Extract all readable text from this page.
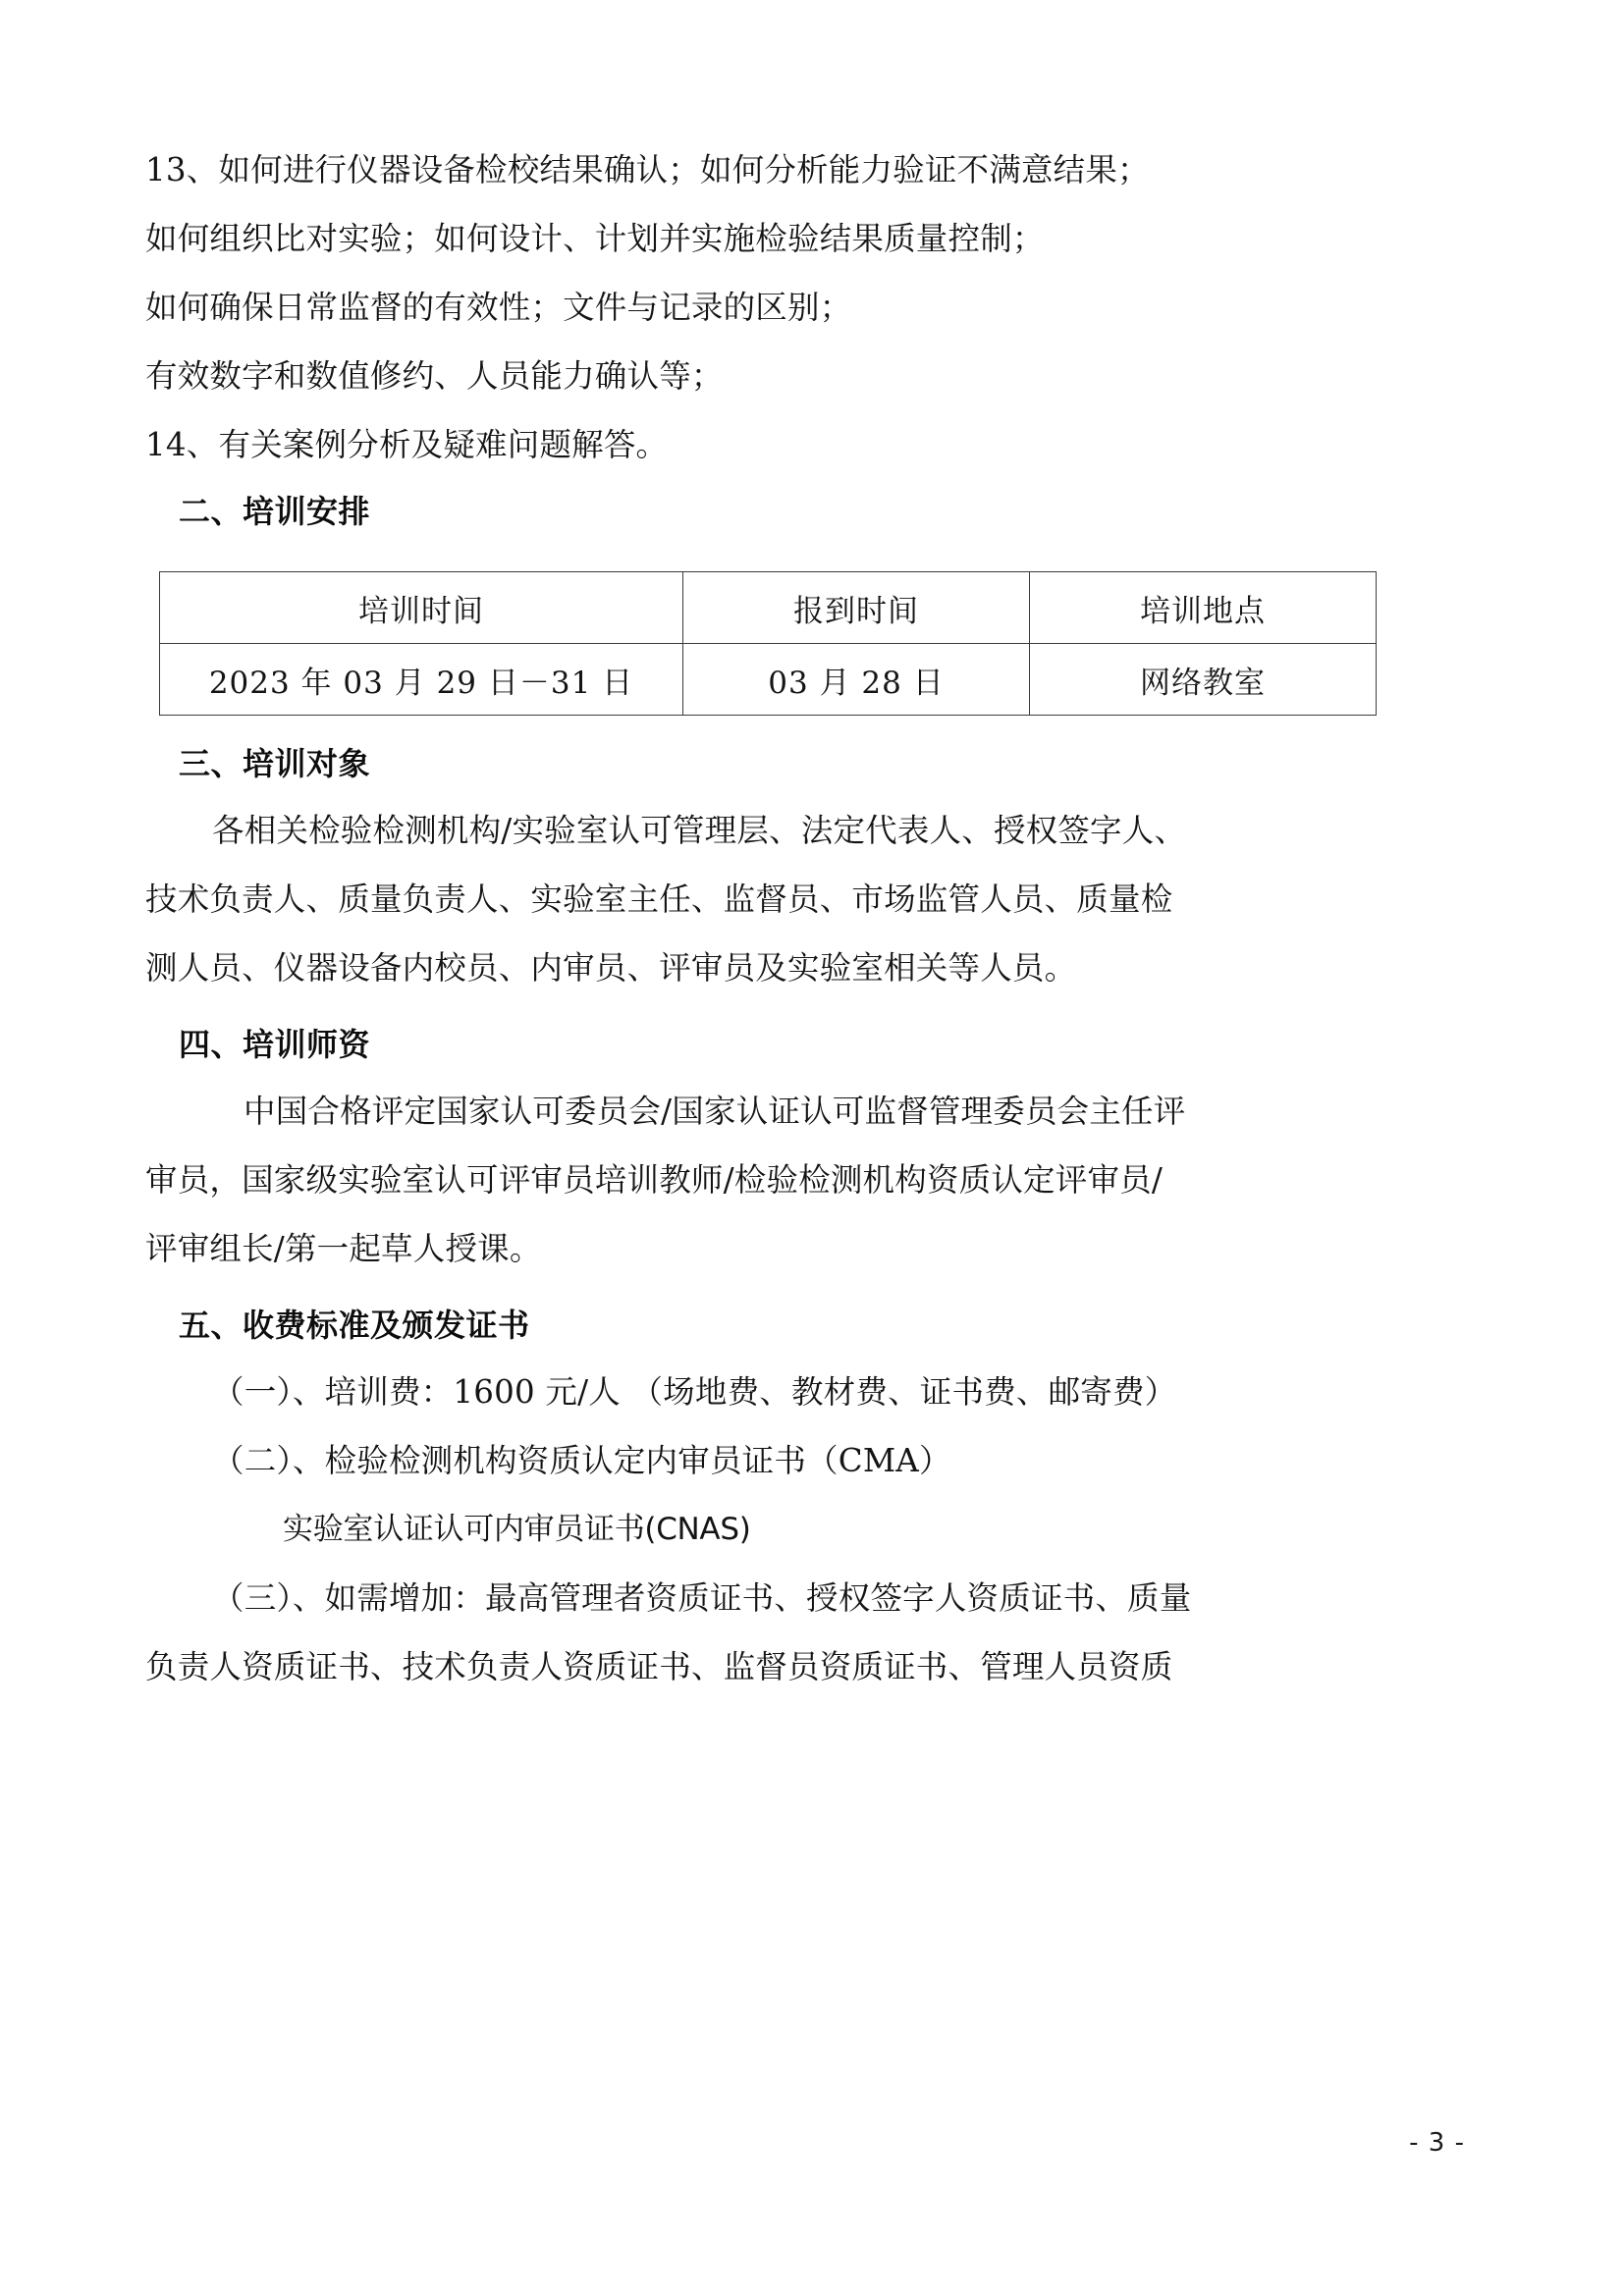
13、如何进行仪器设备检校结果确认；如何分析能力验证不满意结果；

如何组织比对实验；如何设计、计划并实施检验结果质量控制；

如何确保日常监督的有效性；文件与记录的区别；

有效数字和数值修约、人员能力确认等；

14、有关案例分析及疑难问题解答。

二、培训安排
培训时间	报到时间	培训地点
2023 年 03 月 29 日－31 日	03 月 28 日	网络教室
三、培训对象

各相关检验检测机构/实验室认可管理层、法定代表人、授权签字人、

技术负责人、质量负责人、实验室主任、监督员、市场监管人员、质量检

测人员、仪器设备内校员、内审员、评审员及实验室相关等人员。

四、培训师资

中国合格评定国家认可委员会/国家认证认可监督管理委员会主任评

审员，国家级实验室认可评审员培训教师/检验检测机构资质认定评审员/

评审组长/第一起草人授课。

五、收费标准及颁发证书

（一）、培训费：1600 元/人 （场地费、教材费、证书费、邮寄费）

（二）、检验检测机构资质认定内审员证书（CMA）

实验室认证认可内审员证书(CNAS)

（三）、如需增加：最高管理者资质证书、授权签字人资质证书、质量

负责人资质证书、技术负责人资质证书、监督员资质证书、管理人员资质

- 3 -
